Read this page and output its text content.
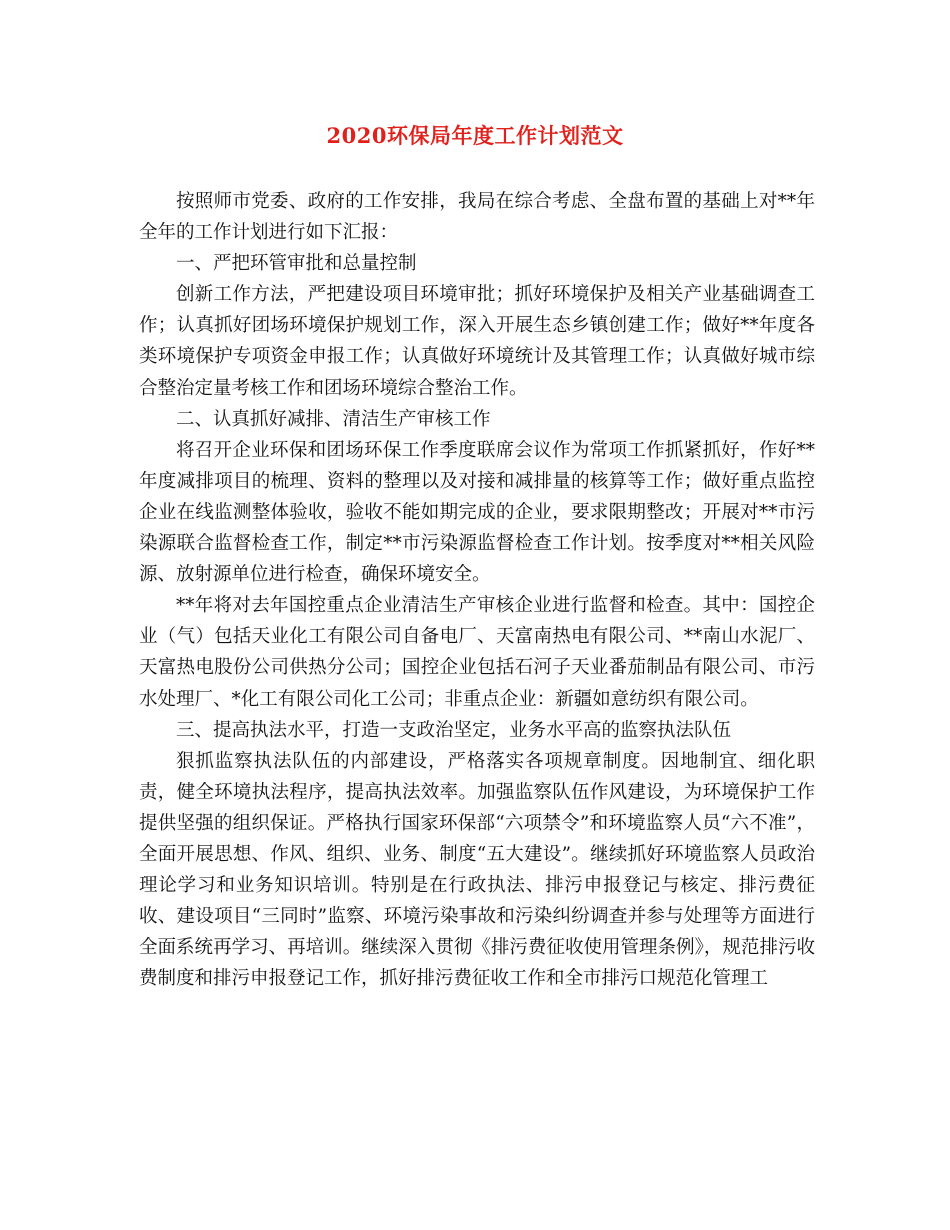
2020环保局年度工作计划范文

按照师市党委、政府的工作安排，我局在综合考虑、全盘布置的基础上对**年全年的工作计划进行如下汇报：

一、严把环管审批和总量控制

创新工作方法，严把建设项目环境审批；抓好环境保护及相关产业基础调查工作；认真抓好团场环境保护规划工作，深入开展生态乡镇创建工作；做好**年度各类环境保护专项资金申报工作；认真做好环境统计及其管理工作；认真做好城市综合整治定量考核工作和团场环境综合整治工作。

二、认真抓好减排、清洁生产审核工作

将召开企业环保和团场环保工作季度联席会议作为常项工作抓紧抓好，作好**年度减排项目的梳理、资料的整理以及对接和减排量的核算等工作；做好重点监控企业在线监测整体验收，验收不能如期完成的企业，要求限期整改；开展对**市污染源联合监督检查工作，制定**市污染源监督检查工作计划。按季度对**相关风险源、放射源单位进行检查，确保环境安全。

**年将对去年国控重点企业清洁生产审核企业进行监督和检查。其中：国控企业（气）包括天业化工有限公司自备电厂、天富南热电有限公司、**南山水泥厂、天富热电股份公司供热分公司；国控企业包括石河子天业番茄制品有限公司、市污水处理厂、*化工有限公司化工公司；非重点企业：新疆如意纺织有限公司。

三、提高执法水平，打造一支政治坚定，业务水平高的监察执法队伍

狠抓监察执法队伍的内部建设，严格落实各项规章制度。因地制宜、细化职责，健全环境执法程序，提高执法效率。加强监察队伍作风建设，为环境保护工作提供坚强的组织保证。严格执行国家环保部“六项禁令”和环境监察人员“六不准”，全面开展思想、作风、组织、业务、制度“五大建设”。继续抓好环境监察人员政治理论学习和业务知识培训。特别是在行政执法、排污申报登记与核定、排污费征收、建设项目“三同时”监察、环境污染事故和污染纠纷调查并参与处理等方面进行全面系统再学习、再培训。继续深入贯彻《排污费征收使用管理条例》，规范排污收费制度和排污申报登记工作，抓好排污费征收工作和全市排污口规范化管理工
